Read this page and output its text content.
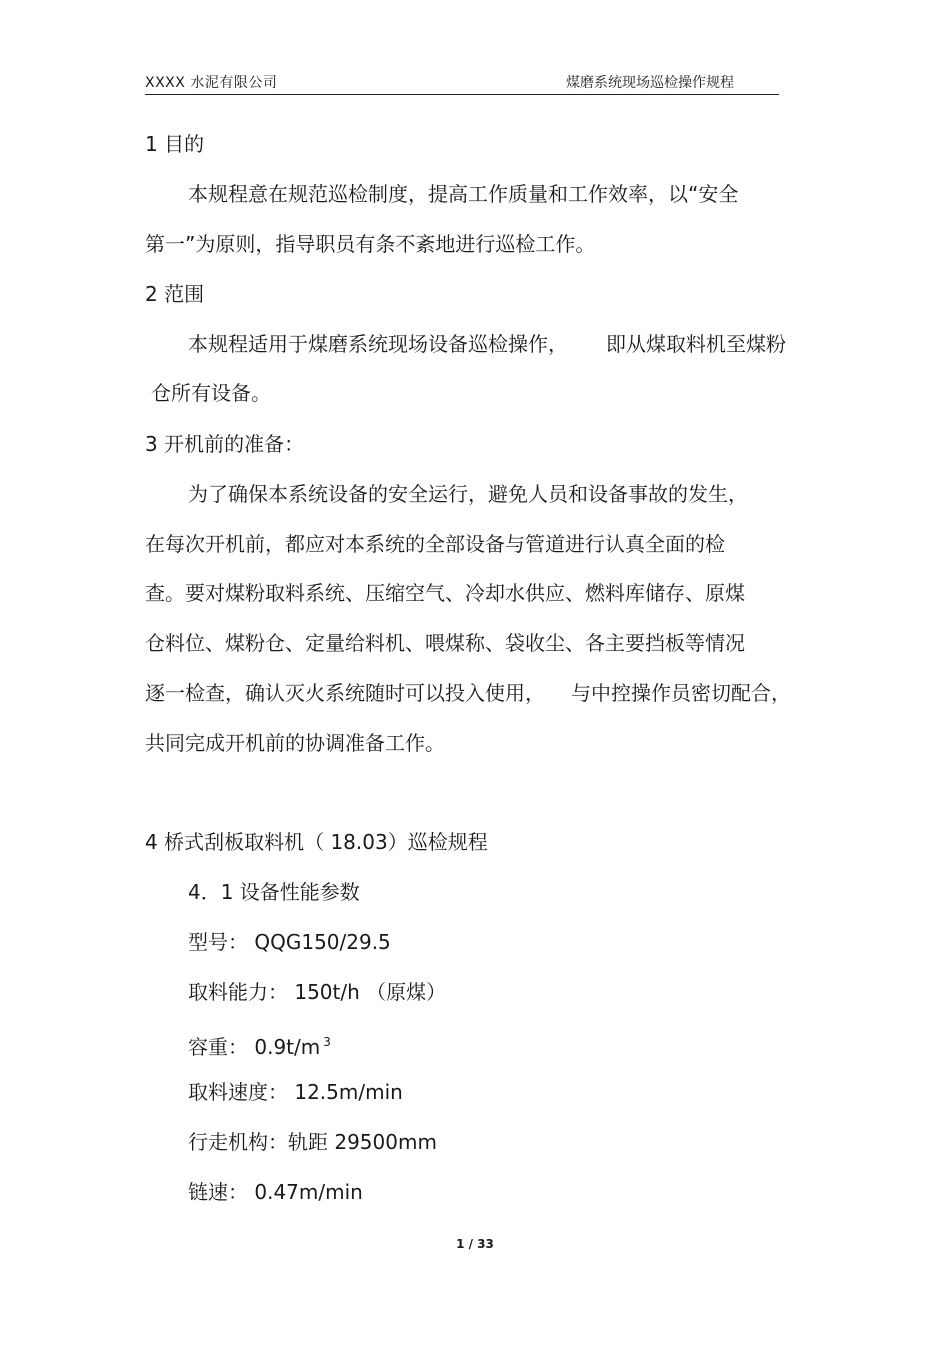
XXXX 水泥有限公司	煤磨系统现场巡检操作规程
1 目的
本规程意在规范巡检制度，提高工作质量和工作效率，以“安全
第一”为原则，指导职员有条不紊地进行巡检工作。
2 范围
本规程适用于煤磨系统现场设备巡检操作， 即从煤取料机至煤粉
仓所有设备。
3 开机前的准备：
为了确保本系统设备的安全运行，避免人员和设备事故的发生，
在每次开机前，都应对本系统的全部设备与管道进行认真全面的检
查。要对煤粉取料系统、压缩空气、冷却水供应、燃料库储存、原煤
仓料位、煤粉仓、定量给料机、喂煤称、袋收尘、各主要挡板等情况
逐一检查，确认灭火系统随时可以投入使用， 与中控操作员密切配合，
共同完成开机前的协调准备工作。
4 桥式刮板取料机（ 18.03）巡检规程
4．1 设备性能参数
型号： QQG150/29.5
取料能力： 150t/h （原煤）
容重： 0.9t/m $^3$
取料速度： 12.5m/min
行走机构：轨距 29500mm
链速： 0.47m/min
1 / 33
